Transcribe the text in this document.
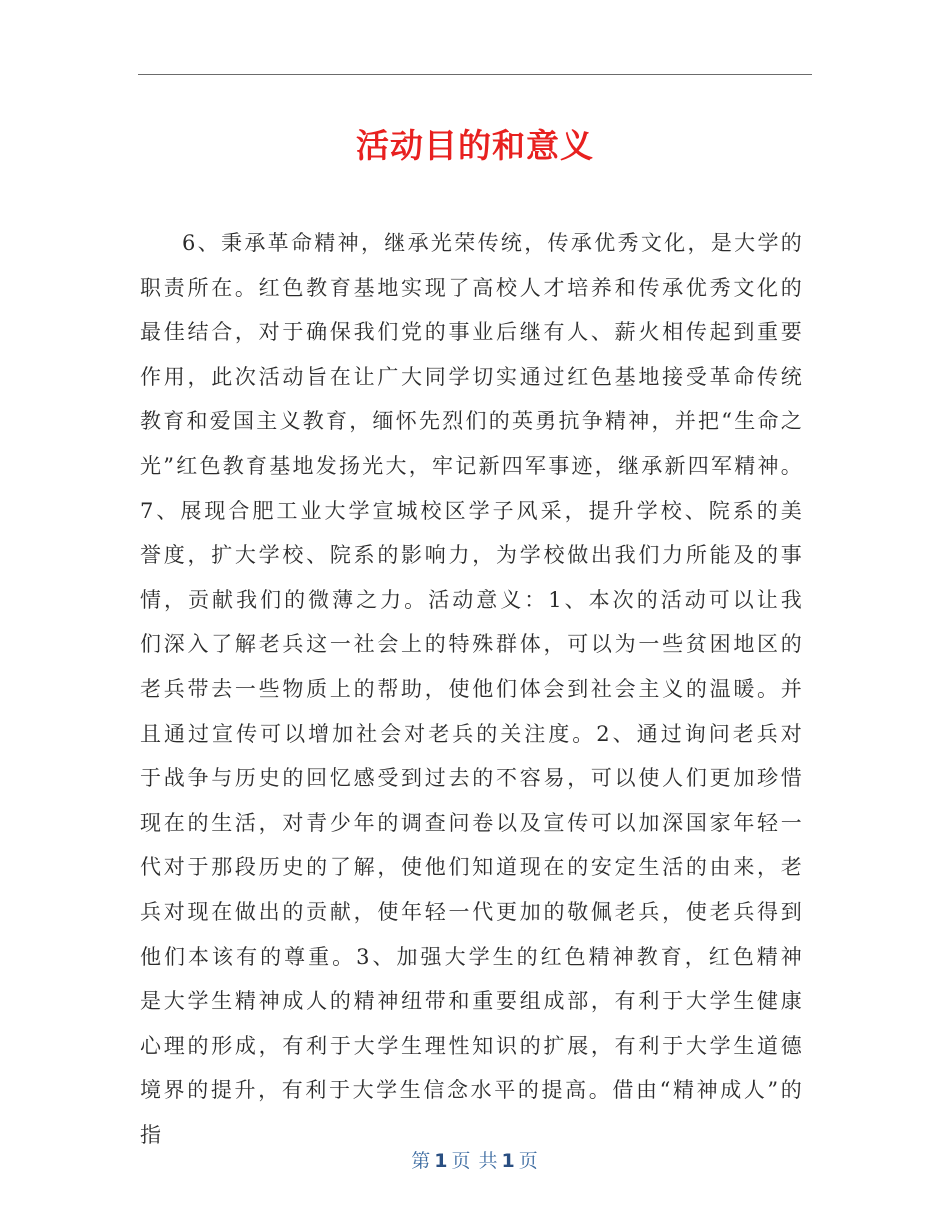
活动目的和意义

6、秉承革命精神，继承光荣传统，传承优秀文化，是大学的职责所在。红色教育基地实现了高校人才培养和传承优秀文化的最佳结合，对于确保我们党的事业后继有人、薪火相传起到重要作用，此次活动旨在让广大同学切实通过红色基地接受革命传统教育和爱国主义教育，缅怀先烈们的英勇抗争精神，并把“生命之光”红色教育基地发扬光大，牢记新四军事迹，继承新四军精神。7、展现合肥工业大学宣城校区学子风采，提升学校、院系的美誉度，扩大学校、院系的影响力，为学校做出我们力所能及的事情，贡献我们的微薄之力。活动意义：1、本次的活动可以让我们深入了解老兵这一社会上的特殊群体，可以为一些贫困地区的老兵带去一些物质上的帮助，使他们体会到社会主义的温暖。并且通过宣传可以增加社会对老兵的关注度。2、通过询问老兵对于战争与历史的回忆感受到过去的不容易，可以使人们更加珍惜现在的生活，对青少年的调查问卷以及宣传可以加深国家年轻一代对于那段历史的了解，使他们知道现在的安定生活的由来，老兵对现在做出的贡献，使年轻一代更加的敬佩老兵，使老兵得到他们本该有的尊重。3、加强大学生的红色精神教育，红色精神是大学生精神成人的精神纽带和重要组成部，有利于大学生健康心理的形成，有利于大学生理性知识的扩展，有利于大学生道德境界的提升，有利于大学生信念水平的提高。借由“精神成人”的指

第 1 页 共 1 页
